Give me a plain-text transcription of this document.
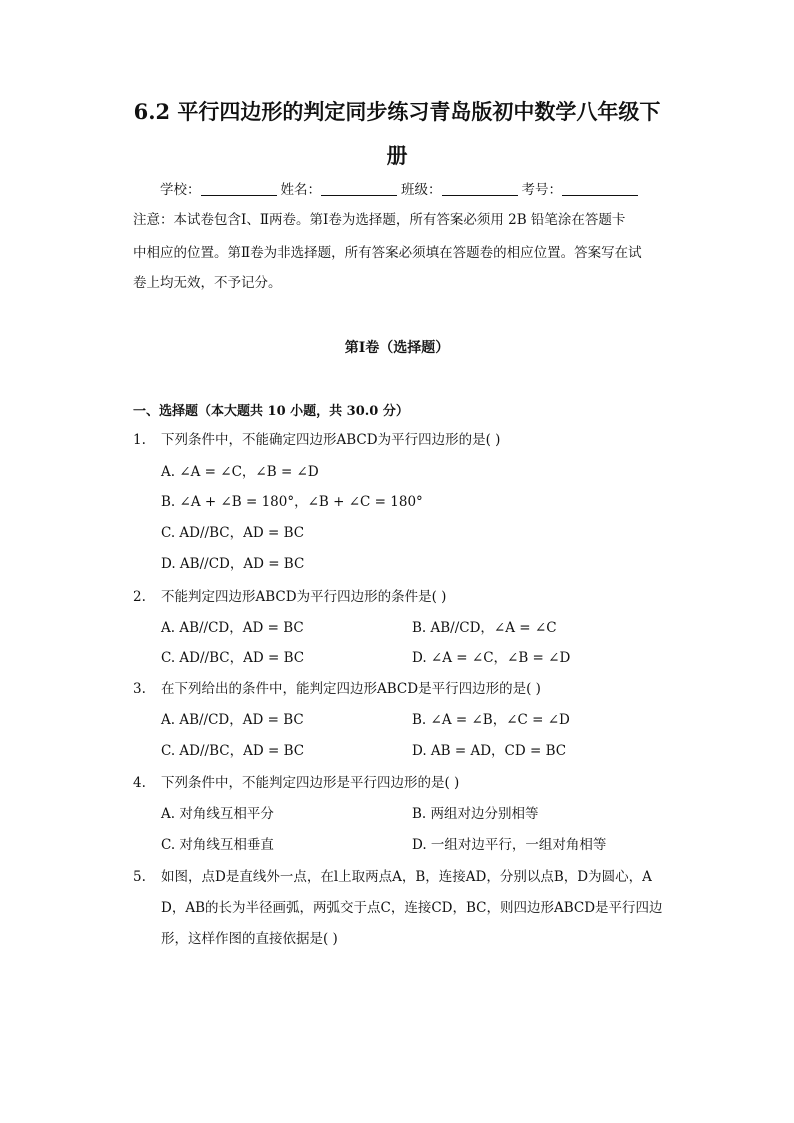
6.2 平行四边形的判定同步练习青岛版初中数学八年级下
册
学校：	姓名：	班级：	考号：
注意：本试卷包含Ⅰ、Ⅱ两卷。第Ⅰ卷为选择题，所有答案必须用 2B 铅笔涂在答题卡
中相应的位置。第Ⅱ卷为非选择题，所有答案必须填在答题卷的相应位置。答案写在试
卷上均无效，不予记分。
第Ⅰ卷（选择题）
一、选择题（本大题共 10 小题，共 30.0 分）
1. 下列条件中，不能确定四边形ABCD为平行四边形的是( )
A. ∠A = ∠C，∠B = ∠D
B. ∠A + ∠B = 180°，∠B + ∠C = 180°
C. AD//BC，AD = BC
D. AB//CD，AD = BC
2. 不能判定四边形ABCD为平行四边形的条件是( )
A. AB//CD，AD = BC	B. AB//CD，∠A = ∠C
C. AD//BC，AD = BC	D. ∠A = ∠C，∠B = ∠D
3. 在下列给出的条件中，能判定四边形ABCD是平行四边形的是( )
A. AB//CD，AD = BC	B. ∠A = ∠B，∠C = ∠D
C. AD//BC，AD = BC	D. AB = AD，CD = BC
4. 下列条件中，不能判定四边形是平行四边形的是( )
A. 对角线互相平分	B. 两组对边分别相等
C. 对角线互相垂直	D. 一组对边平行，一组对角相等
5. 如图，点D是直线外一点，在l上取两点A，B，连接AD，分别以点B，D为圆心，A
D，AB的长为半径画弧，两弧交于点C，连接CD，BC，则四边形ABCD是平行四边
形，这样作图的直接依据是( )
